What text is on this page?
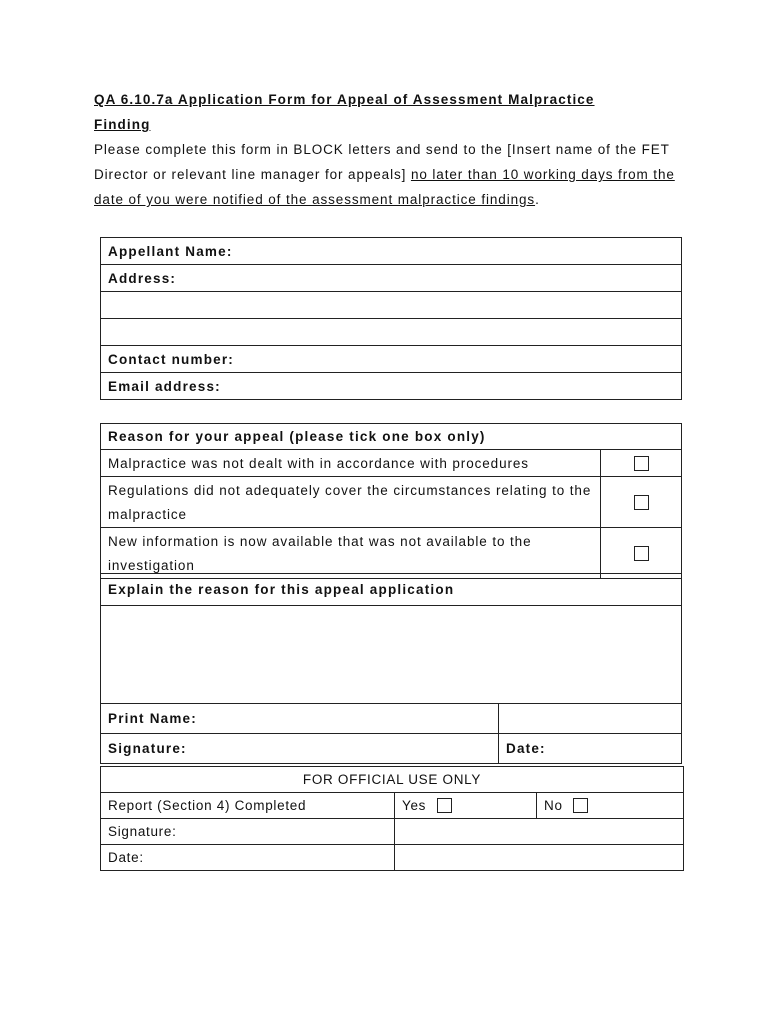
QA 6.10.7a Application Form for Appeal of Assessment Malpractice Finding
Please complete this form in BLOCK letters and send to the [Insert name of the FET Director or relevant line manager for appeals] no later than 10 working days from the date of you were notified of the assessment malpractice findings.
Appellant Name:
Address:

Contact number:
Email address:
Reason for your appeal (please tick one box only)	
Malpractice was not dealt with in accordance with procedures	
Regulations did not adequately cover the circumstances relating to the malpractice	
New information is now available that was not available to the investigation	
Explain the reason for this appeal application	

Print Name:	
Signature:	Date:
FOR OFFICIAL USE ONLY		
Report (Section 4) Completed	Yes	No
Signature:		
Date:		
